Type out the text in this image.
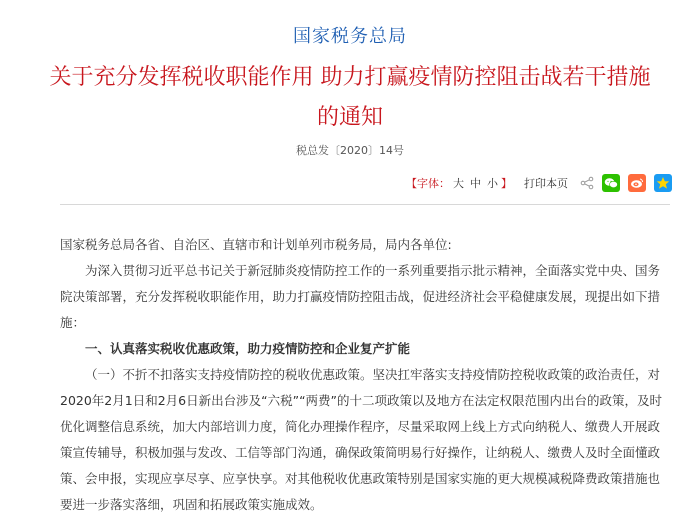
国家税务总局
关于充分发挥税收职能作用 助力打赢疫情防控阻击战若干措施的通知
税总发〔2020〕14号
【 字体： 大 中 小 】 打印本页

国家税务总局各省、自治区、直辖市和计划单列市税务局，局内各单位:

为深入贯彻习近平总书记关于新冠肺炎疫情防控工作的一系列重要指示批示精神，全面落实党中央、国务院决策部署，充分发挥税收职能作用，助力打赢疫情防控阻击战，促进经济社会平稳健康发展，现提出如下措施：

一、认真落实税收优惠政策，助力疫情防控和企业复产扩能

（一）不折不扣落实支持疫情防控的税收优惠政策。坚决扛牢落实支持疫情防控税收政策的政治责任，对2020年2月1日和2月6日新出台涉及“六税”“两费”的十二项政策以及地方在法定权限范围内出台的政策，及时优化调整信息系统，加大内部培训力度，简化办理操作程序，尽量采取网上线上方式向纳税人、缴费人开展政策宣传辅导，积极加强与发改、工信等部门沟通，确保政策简明易行好操作，让纳税人、缴费人及时全面懂政策、会申报，实现应享尽享、应享快享。对其他税收优惠政策特别是国家实施的更大规模减税降费政策措施也要进一步落实落细，巩固和拓展政策实施成效。
